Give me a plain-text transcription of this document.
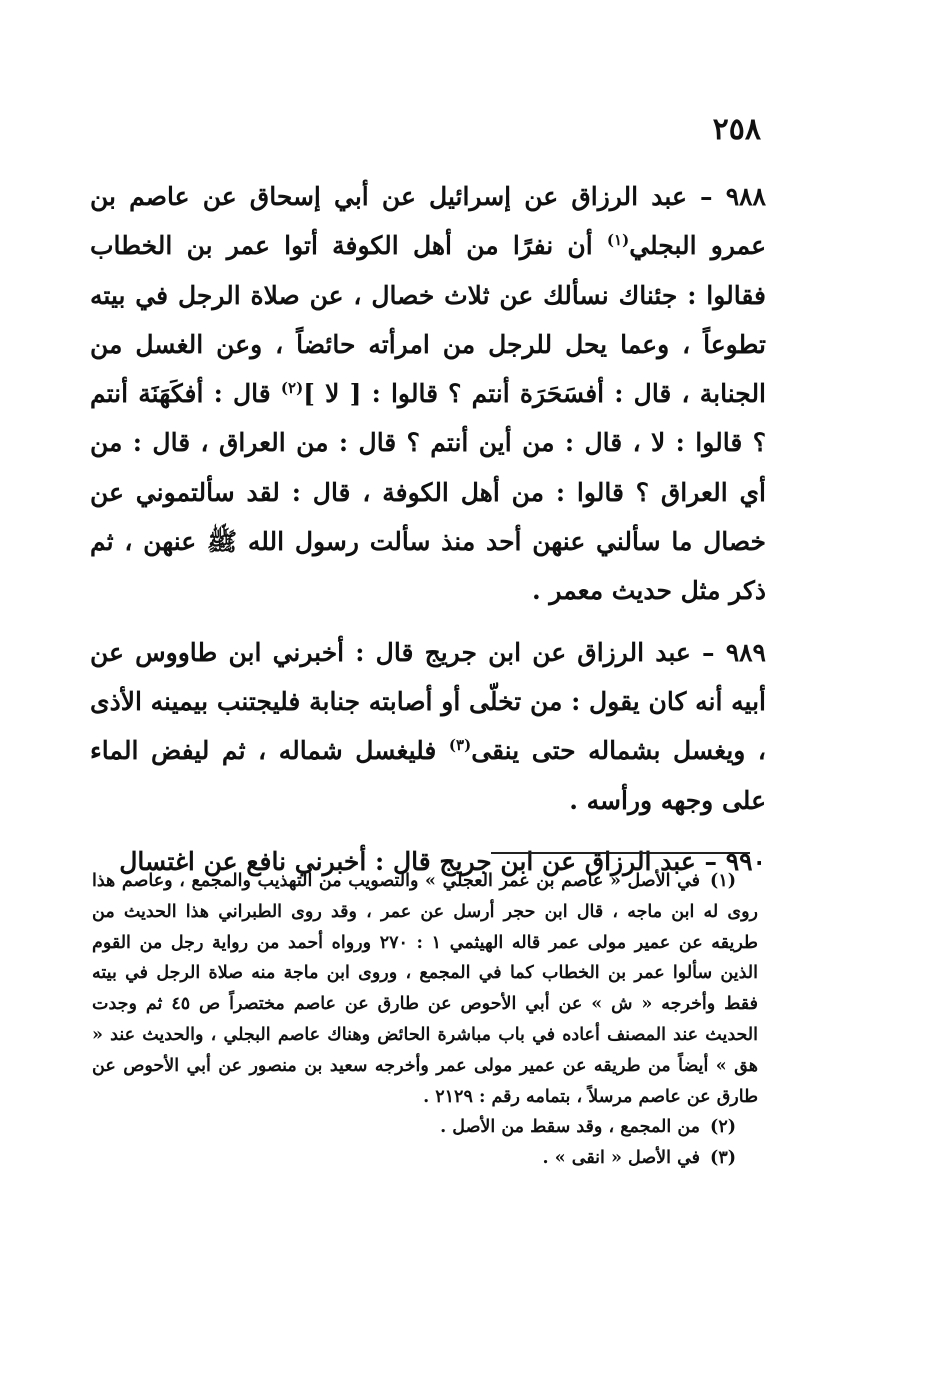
٢٥٨

٩٨٨ – عبد الرزاق عن إسرائيل عن أبي إسحاق عن عاصم بن عمرو البجلي$^{(١)}$ أن نفرًا من أهل الكوفة أتوا عمر بن الخطاب فقالوا : جئناك نسألك عن ثلاث خصال ، عن صلاة الرجل في بيته تطوعاً ، وعما يحل للرجل من امرأته حائضاً ، وعن الغسل من الجنابة ، قال : أفسَحَرَة أنتم ؟ قالوا : [ لا ]$^{(٢)}$ قال : أفكَهَنَة أنتم ؟ قالوا : لا ، قال : من أين أنتم ؟ قال : من العراق ، قال : من أي العراق ؟ قالوا : من أهل الكوفة ، قال : لقد سألتموني عن خصال ما سألني عنهن أحد منذ سألت رسول الله ﷺ عنهن ، ثم ذكر مثل حديث معمر .

٩٨٩ – عبد الرزاق عن ابن جريج قال : أخبرني ابن طاووس عن أبيه أنه كان يقول : من تخلّى أو أصابته جنابة فليجتنب بيمينه الأذى ، ويغسل بشماله حتى ينقى$^{(٣)}$ فليغسل شماله ، ثم ليفض الماء على وجهه ورأسه .

٩٩٠ – عبد الرزاق عن ابن جريج قال : أخبرني نافع عن اغتسال

(١)في الأصل « عاصم بن عمر العجلي » والتصويب من التهذيب والمجمع ، وعاصم هذا روى له ابن ماجه ، قال ابن حجر أرسل عن عمر ، وقد روى الطبراني هذا الحديث من طريقه عن عمير مولى عمر قاله الهيثمي ١ : ٢٧٠ ورواه أحمد من رواية رجل من القوم الذين سألوا عمر بن الخطاب كما في المجمع ، وروى ابن ماجة منه صلاة الرجل في بيته فقط وأخرجه « ش » عن أبي الأحوص عن طارق عن عاصم مختصراً ص ٤٥ ثم وجدت الحديث عند المصنف أعاده في باب مباشرة الحائض وهناك عاصم البجلي ، والحديث عند « هق » أيضاً من طريقه عن عمير مولى عمر وأخرجه سعيد بن منصور عن أبي الأحوص عن طارق عن عاصم مرسلاً ، بتمامه رقم : ٢١٢٩ .

(٢)من المجمع ، وقد سقط من الأصل .

(٣)في الأصل « انقى » .
